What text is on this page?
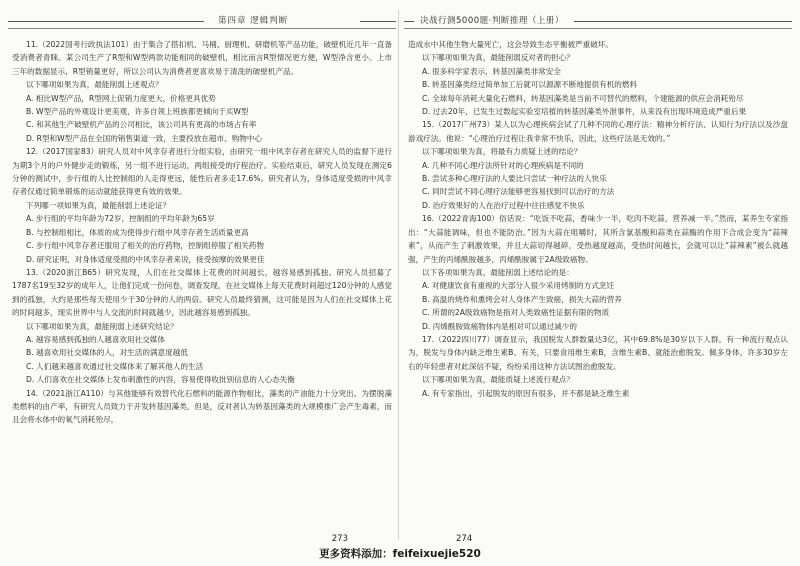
第四章 逻辑判断

11.（2022国考行政执法101）由于集合了搭扣机、马桶、厨理机、研磨机等产品功能，破壁机近几年一直备受消费者青睐。某公司生产了R型和W型两款功能相同的破壁机，相比而言R型情况更方便，W型净含更小。上市三年的数据显示，R型销量更好，所以公司认为消费者更喜欢易于清洗的破壁机产品。

以下哪项如果为真，最能削弱上述观点？

A. 相比W型产品，R型网上促销力度更大，价格更具优势

B. W型产品的外观设计更美观，许多自领上班族都更倾向于买W型

C. 和其他生产破壁机产品的公司相比，该公司具有更高的市场占有率

D. R型和W型产品在全国的销售渠道一致，主要投放在超市、购物中心

12.（2017国家83）研究人员对中风幸存者进行分组实验，由研究一组中风幸存者在研究人员的监督下进行为期3个月的户外健步走的锻炼，另一组不进行运动，两组接受的疗程治疗。实验结束后，研究人员发现在测定6分钟的测试中，步行组的人比控制组的人走得更远，能性后者多走17.6%。研究者认为，身体适度受损的中风幸存者仅通过简单锻炼的运动就能获得更有效的效果。

下列哪一项如果为真，最能削弱上述论证？

A. 步行组的平均年龄为72岁，控制组的平均年龄为65岁

B. 与控制组相比，体质的成为使得步行组中风幸存者生活质量更高

C. 步行组中风幸存者还服用了相关的治疗药物，控制组停服了相关药物

D. 研究证明，对身体适度受损的中风幸存者来说，接受按摩的效果更佳

13.（2020浙江B65）研究发现，人们在社交媒体上花费的时间越长，越容易感到孤独。研究人员招募了1787名19至32岁的成年人，让他们完成一份问卷，调查发现，在社交媒体上每天花费时间超过120分钟的人感觉到的孤独，大约是那些每天使用少于30分钟的人的两倍。研究人员最终猜测，这可能是因为人们在社交媒体上花的时间越多，现实世界中与人交流的时间就越少，因此越容易感到孤独。

以下哪项如果为真，最能削弱上述研究结论？

A. 越容易感到孤独的人越喜欢用社交媒体

B. 越喜欢用社交媒体的人，对生活的满意度越低

C. 人们越来越喜欢通过社交媒体来了解其他人的生活

D. 人们喜欢在社交媒体上发布刺激性的内容，容易使得收批别信息的人心态失衡

14.（2021浙江A110）与其他能够有效替代化石燃料的能源作物相比，藻类的产油能力十分突出。为摆脱藻类燃料的由产率，有研究人员致力于开发转基因藻类。但是，反对者认为转基因藻类的大规模推广会产生毒素，而且会将水体中的氧气消耗殆尽，

273
决战行测5000题·判断推理（上册）

造成水中其他生物大量死亡，这会导致生态平衡被严重破坏。

以下哪项如果为真，最能削弱反对者的担心？

A. 很多科学家表示，转基因藻类非常安全

B. 转基因藻类经过简单加工后就可以源源不断地提供有机的燃料

C. 全球每年消耗大量化石燃料，转基因藻类是当前不可替代的燃料，个建能源的供应会消耗殆尽

D. 过去20年，已发生过数起实验室培植的转基因藻类外泄事件，从来没有出现环境造成严重后果

15.（2017广州73）某人以为心理疾病会试了几种不同的心理疗法：精神分析疗法、认知行为疗法以及沙盘游戏疗法。他说：“心理治疗过程让我非常不快乐，因此，这些疗法是无效的。”

以下哪项如果为真，将最有力质疑上述的结论？

A. 几种不同心理疗法所针对的心理疾病是不同的

B. 尝试多种心理疗法的人要比只尝试一种疗法的人快乐

C. 同时尝试不同心理疗法能够更容易找到可以治疗的方法

D. 治疗效果好的人在治疗过程中往往感觉不快乐

16.（2022青海100）俗话说：“吃饭不吃蒜，香味少一半，吃肉不吃蒜，营养减一半。”然而，某养生专家指出：“大蒜能调味，但也不能防治。”因为大蒜在咀嚼时，其所含氯基酸和蒜类在蒜酶的作用下合成会变为“蒜辣素”，从而产生了刺激效果，并且大蒜切得越碎，受热越度越高，受热时间越长，会就可以让“蒜辣素”被么就越强，产生的丙烯酰胺越多，丙烯酰胺属于2A级致癌物。

以下各项如果为真，最能削弱上述结论的是：

A. 对健康饮食有重视的大部分人很少采用烤制的方式烹饪

B. 高温的烧炸和熏烤会对人身体产生致癌，损失大蒜的营养

C. 所谓的2A级致癌物是指对人类致癌性证据有限的物质

D. 丙烯酰胺致癌物体内是相对可以通过减少的

17.（2022四川77）调查显示，我国脱发人群数量达3亿，其中69.8%是30岁以下人群。有一种流行观点认为，脱发与身体内缺乏维生素B、有关，只要食用维生素B，含维生素B、就能治愈脱发。佩多身体，许多30岁左右的年轻患者对此深信不疑，纷纷采用这种方法试图治愈脱发。

以下哪项如果为真，最能质疑上述流行观点？

A. 有专家指出，引起脱发的原因有很多，并不都是缺乏维生素

274
更多资料添加：feifeixuejie520
